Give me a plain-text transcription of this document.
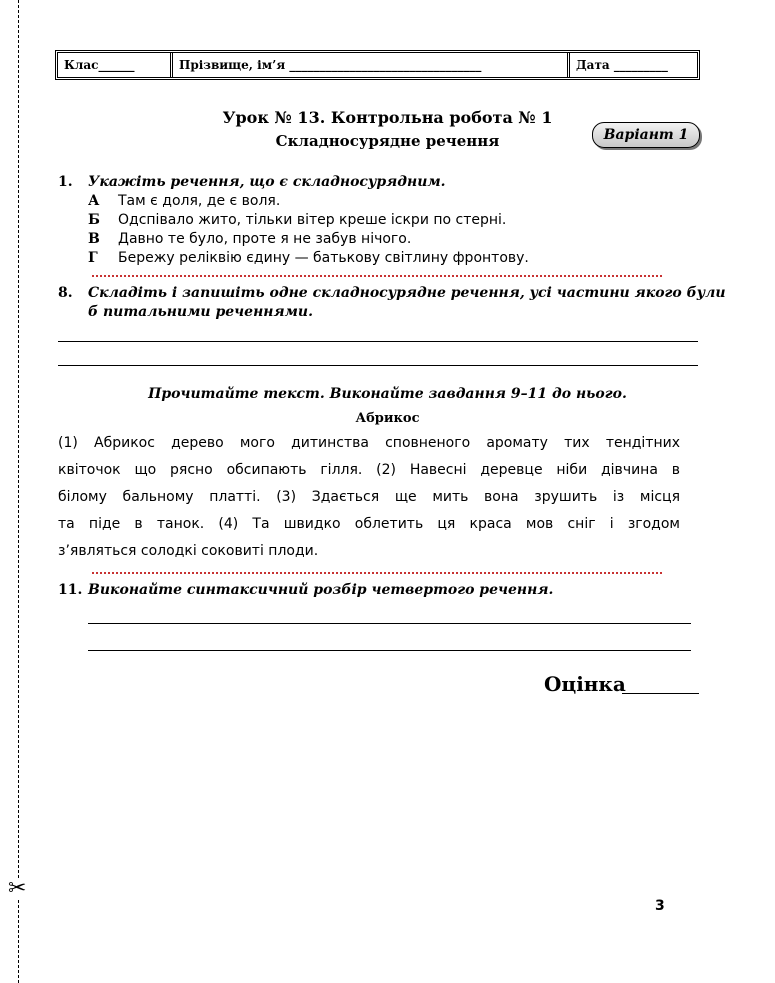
✂
Клас______	Прізвище, ім’я ________________________________	Дата _________
Урок № 13. Контрольна робота № 1
Складносурядне речення	Варіант 1
1. Укажіть речення, що є складносурядним.
А Там є доля, де є воля.
Б Одспівало жито, тільки вітер креше іскри по стерні.
В Давно те було, проте я не забув нічого.
Г Бережу реліквію єдину — батькову світлину фронтову.
8. Складіть і запишіть одне складносурядне речення, усі частини якого були
б питальними реченнями.
Прочитайте текст. Виконайте завдання 9–11 до нього.
Абрикос
(1) Абрикос дерево мого дитинства сповненого аромату тих тендітних
квіточок що рясно обсипають гілля. (2) Навесні деревце ніби дівчина в
білому бальному платті. (3) Здається ще мить вона зрушить із місця
та піде в танок. (4) Та швидко облетить ця краса мов сніг і згодом
з’являться солодкі соковиті плоди.
11. Виконайте синтаксичний розбір четвертого речення.
Оцінка
3
